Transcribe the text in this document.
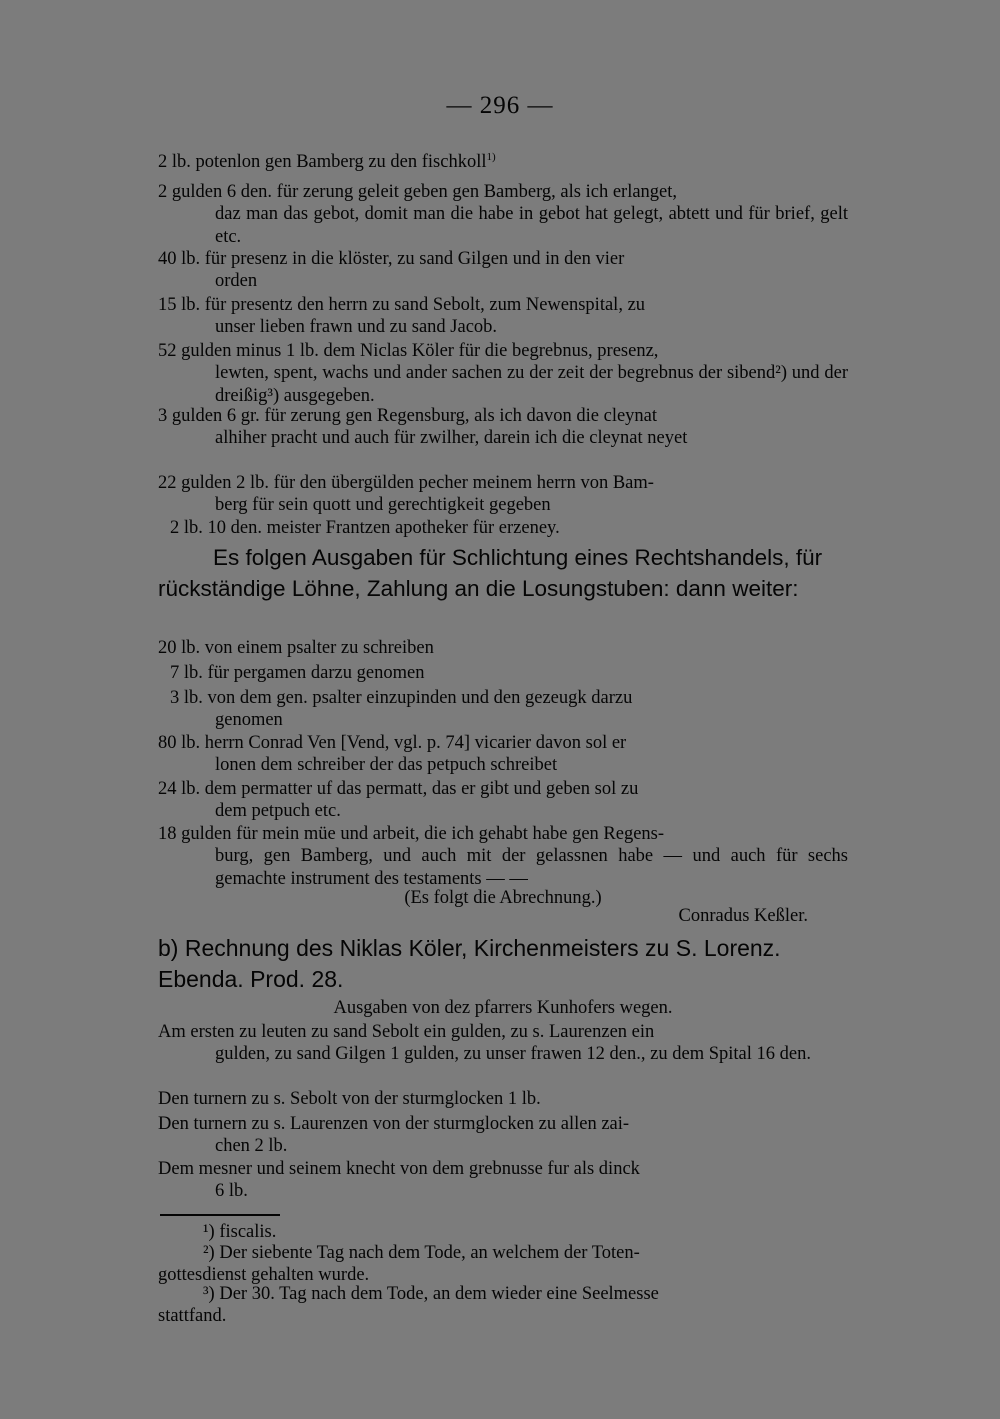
— 296 —
2 lb. potenlon gen Bamberg zu den fischkoll$^{1)}$
2 gulden 6 den. für zerung geleit geben gen Bamberg, als ich erlanget,
daz man das gebot, domit man die habe in gebot hat gelegt, abtett und für brief, gelt etc.
40 lb. für presenz in die klöster, zu sand Gilgen und in den vier
orden
15 lb. für presentz den herrn zu sand Sebolt, zum Newenspital, zu
unser lieben frawn und zu sand Jacob.
52 gulden minus 1 lb. dem Niclas Köler für die begrebnus, presenz,
lewten, spent, wachs und ander sachen zu der zeit der begrebnus der sibend²) und der dreißig³) ausgegeben.
3 gulden 6 gr. für zerung gen Regensburg, als ich davon die cleynat
alhiher pracht und auch für zwilher, darein ich die cleynat neyet
22 gulden 2 lb. für den übergülden pecher meinem herrn von Bam-
berg für sein quott und gerechtigkeit gegeben
2 lb. 10 den. meister Frantzen apotheker für erzeney.
Es folgen Ausgaben für Schlichtung eines Rechtshandels, für rückständige Löhne, Zahlung an die Losungstuben: dann weiter:
20 lb. von einem psalter zu schreiben
7 lb. für pergamen darzu genomen
3 lb. von dem gen. psalter einzupinden und den gezeugk darzu
genomen
80 lb. herrn Conrad Ven [Vend, vgl. p. 74] vicarier davon sol er
lonen dem schreiber der das petpuch schreibet
24 lb. dem permatter uf das permatt, das er gibt und geben sol zu
dem petpuch etc.
18 gulden für mein müe und arbeit, die ich gehabt habe gen Regens-
burg, gen Bamberg, und auch mit der gelassnen habe — und auch für sechs gemachte instrument des testaments — —
(Es folgt die Abrechnung.)
Conradus Keßler.
b) Rechnung des Niklas Köler, Kirchenmeisters zu S. Lorenz. Ebenda. Prod. 28.
Ausgaben von dez pfarrers Kunhofers wegen.
Am ersten zu leuten zu sand Sebolt ein gulden, zu s. Laurenzen ein
gulden, zu sand Gilgen 1 gulden, zu unser frawen 12 den., zu dem Spital 16 den.
Den turnern zu s. Sebolt von der sturmglocken 1 lb.
Den turnern zu s. Laurenzen von der sturmglocken zu allen zai-
chen 2 lb.
Dem mesner und seinem knecht von dem grebnusse fur als dinck
6 lb.
¹) fiscalis.
²) Der siebente Tag nach dem Tode, an welchem der Toten-
gottesdienst gehalten wurde.
³) Der 30. Tag nach dem Tode, an dem wieder eine Seelmesse
stattfand.
